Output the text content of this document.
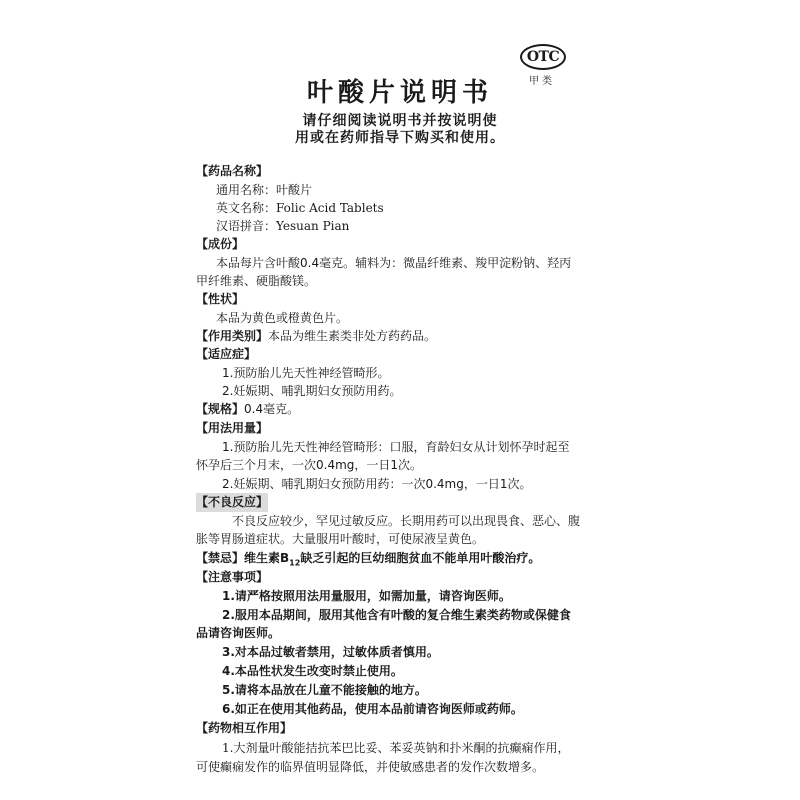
OTC
甲类
叶酸片说明书
请仔细阅读说明书并按说明使
用或在药师指导下购买和使用。
【药品名称】
通用名称：叶酸片
英文名称：Folic Acid Tablets
汉语拼音：Yesuan Pian
【成份】
本品每片含叶酸0.4毫克。辅料为：微晶纤维素、羧甲淀粉钠、羟丙
甲纤维素、硬脂酸镁。
【性状】
本品为黄色或橙黄色片。
【作用类别】本品为维生素类非处方药药品。
【适应症】
1.预防胎儿先天性神经管畸形。
2.妊娠期、哺乳期妇女预防用药。
【规格】0.4毫克。
【用法用量】
1.预防胎儿先天性神经管畸形：口服，育龄妇女从计划怀孕时起至
怀孕后三个月末，一次0.4mg，一日1次。
2.妊娠期、哺乳期妇女预防用药：一次0.4mg，一日1次。
【不良反应】
不良反应较少，罕见过敏反应。长期用药可以出现畏食、恶心、腹
胀等胃肠道症状。大量服用叶酸时，可使尿液呈黄色。
【禁忌】维生素$B_{12}$缺乏引起的巨幼细胞贫血不能单用叶酸治疗。
【注意事项】
1.请严格按照用法用量服用，如需加量，请咨询医师。
2.服用本品期间，服用其他含有叶酸的复合维生素类药物或保健食
品请咨询医师。
3.对本品过敏者禁用，过敏体质者慎用。
4.本品性状发生改变时禁止使用。
5.请将本品放在儿童不能接触的地方。
6.如正在使用其他药品，使用本品前请咨询医师或药师。
【药物相互作用】
1.大剂量叶酸能拮抗苯巴比妥、苯妥英钠和扑米酮的抗癫痫作用，
可使癫痫发作的临界值明显降低，并使敏感患者的发作次数增多。
